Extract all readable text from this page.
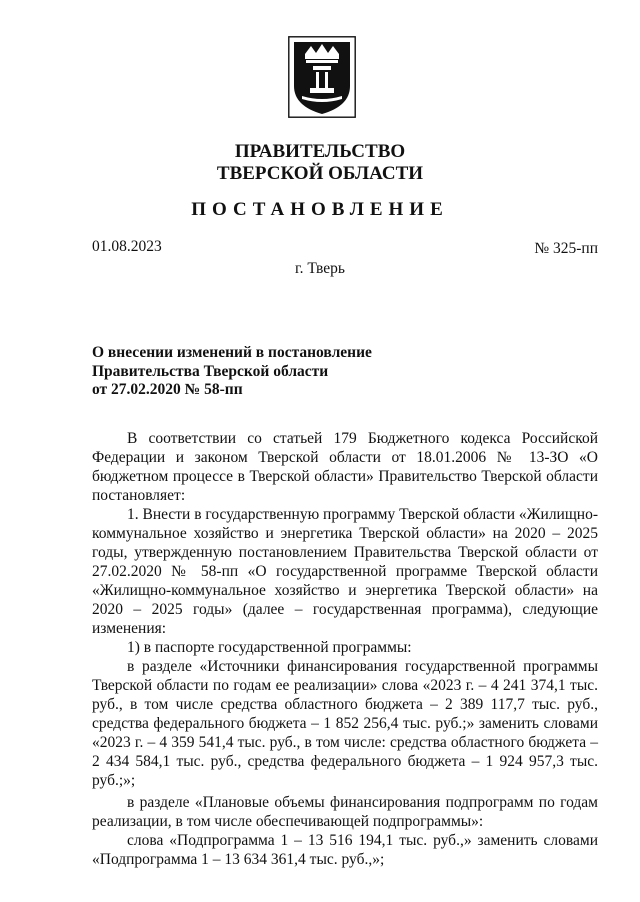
ПРАВИТЕЛЬСТВО
ТВЕРСКОЙ ОБЛАСТИ
ПОСТАНОВЛЕНИЕ
01.08.2023	№ 325-пп
г. Тверь
О внесении изменений в постановление
Правительства Тверской области
от 27.02.2020 № 58-пп

В соответствии со статьей 179 Бюджетного кодекса Российской Федерации и законом Тверской области от 18.01.2006 № 13-ЗО «О бюджетном процессе в Тверской области» Правительство Тверской области постановляет:

1. Внести в государственную программу Тверской области «Жилищно-коммунальное хозяйство и энергетика Тверской области» на 2020 – 2025 годы, утвержденную постановлением Правительства Тверской области от 27.02.2020 № 58-пп «О государственной программе Тверской области «Жилищно-коммунальное хозяйство и энергетика Тверской области» на 2020 – 2025 годы» (далее – государственная программа), следующие изменения:

1) в паспорте государственной программы:

в разделе «Источники финансирования государственной программы Тверской области по годам ее реализации» слова «2023 г. – 4 241 374,1 тыс. руб., в том числе средства областного бюджета – 2 389 117,7 тыс. руб., средства федерального бюджета – 1 852 256,4 тыс. руб.;» заменить словами «2023 г. – 4 359 541,4 тыс. руб., в том числе: средства областного бюджета – 2 434 584,1 тыс. руб., средства федерального бюджета – 1 924 957,3 тыс. руб.;»;

в разделе «Плановые объемы финансирования подпрограмм по годам реализации, в том числе обеспечивающей подпрограммы»:

слова «Подпрограмма 1 – 13 516 194,1 тыс. руб.,» заменить словами «Подпрограмма 1 – 13 634 361,4 тыс. руб.,»;
